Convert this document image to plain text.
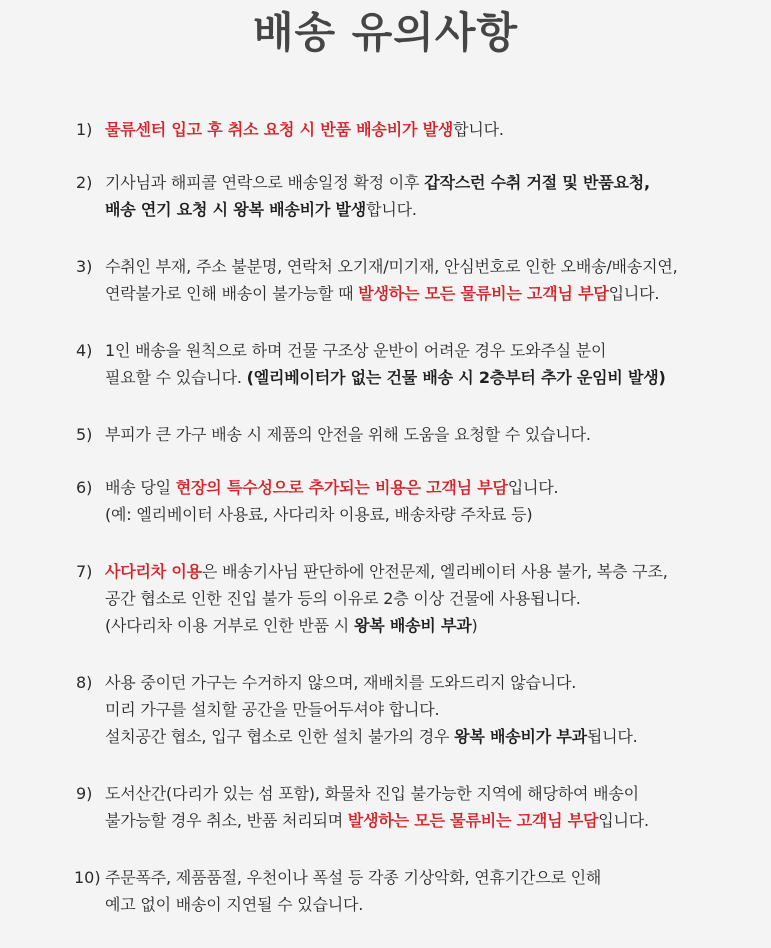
배송 유의사항
1) 물류센터 입고 후 취소 요청 시 반품 배송비가 발생합니다.
2) 기사님과 해피콜 연락으로 배송일정 확정 이후 갑작스런 수취 거절 및 반품요청,
배송 연기 요청 시 왕복 배송비가 발생합니다.
3) 수취인 부재, 주소 불분명, 연락처 오기재/미기재, 안심번호로 인한 오배송/배송지연,
연락불가로 인해 배송이 불가능할 때 발생하는 모든 물류비는 고객님 부담입니다.
4) 1인 배송을 원칙으로 하며 건물 구조상 운반이 어려운 경우 도와주실 분이
필요할 수 있습니다. (엘리베이터가 없는 건물 배송 시 2층부터 추가 운임비 발생)
5) 부피가 큰 가구 배송 시 제품의 안전을 위해 도움을 요청할 수 있습니다.
6) 배송 당일 현장의 특수성으로 추가되는 비용은 고객님 부담입니다.
(예: 엘리베이터 사용료, 사다리차 이용료, 배송차량 주차료 등)
7) 사다리차 이용은 배송기사님 판단하에 안전문제, 엘리베이터 사용 불가, 복층 구조,
공간 협소로 인한 진입 불가 등의 이유로 2층 이상 건물에 사용됩니다.
(사다리차 이용 거부로 인한 반품 시 왕복 배송비 부과)
8) 사용 중이던 가구는 수거하지 않으며, 재배치를 도와드리지 않습니다.
미리 가구를 설치할 공간을 만들어두셔야 합니다.
설치공간 협소, 입구 협소로 인한 설치 불가의 경우 왕복 배송비가 부과됩니다.
9) 도서산간(다리가 있는 섬 포함), 화물차 진입 불가능한 지역에 해당하여 배송이
불가능할 경우 취소, 반품 처리되며 발생하는 모든 물류비는 고객님 부담입니다.
10) 주문폭주, 제품품절, 우천이나 폭설 등 각종 기상악화, 연휴기간으로 인해
예고 없이 배송이 지연될 수 있습니다.
